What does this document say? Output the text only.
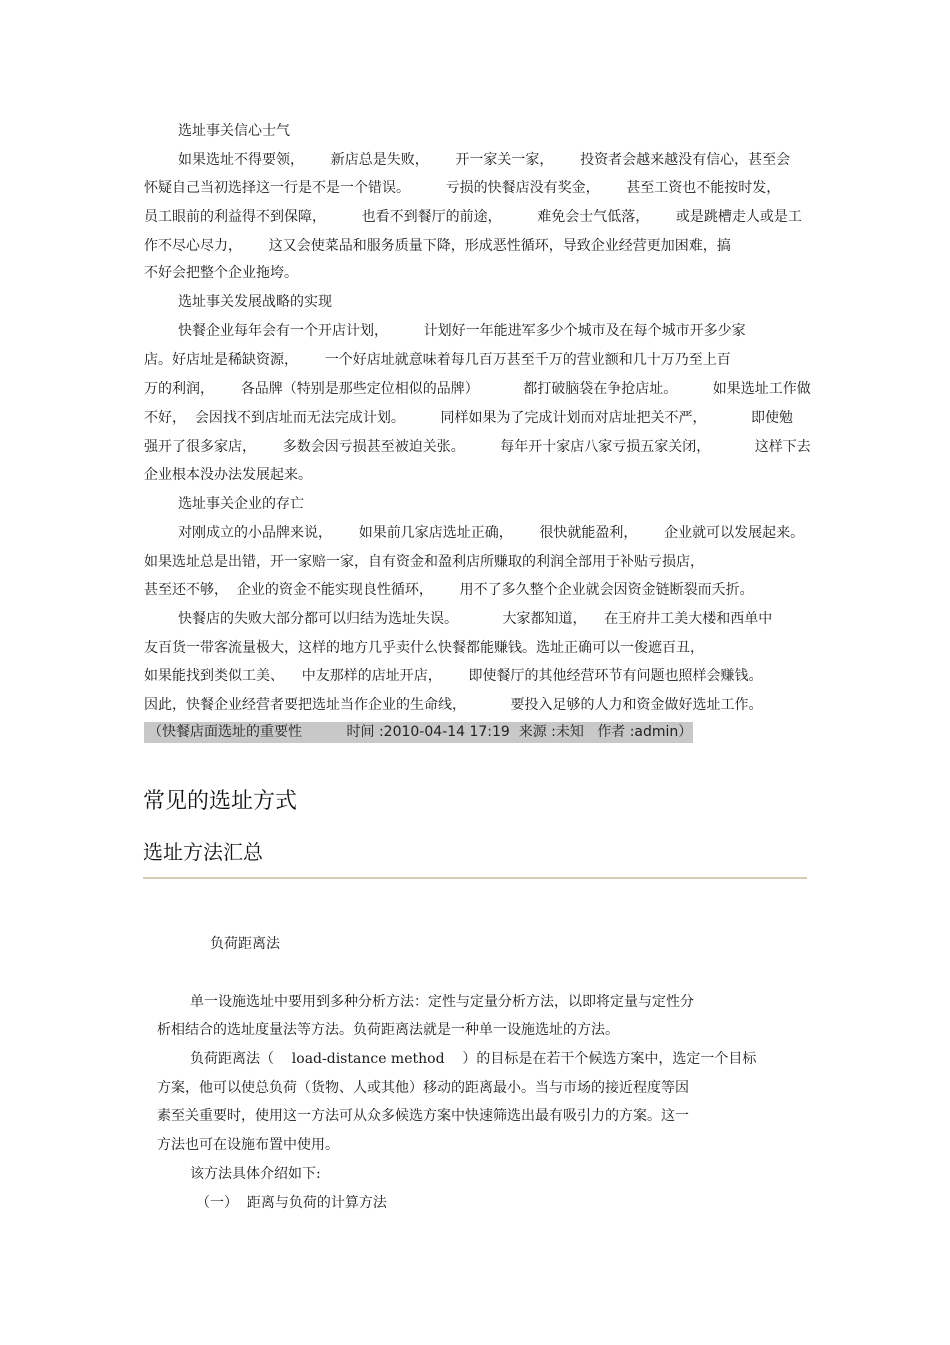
选址事关信心士气
如果选址不得要领，      新店总是失败，      开一家关一家，      投资者会越来越没有信心，甚至会
怀疑自己当初选择这一行是不是一个错误。        亏损的快餐店没有奖金，      甚至工资也不能按时发，
员工眼前的利益得不到保障，        也看不到餐厅的前途，        难免会士气低落，      或是跳槽走人或是工
作不尽心尽力，      这又会使菜品和服务质量下降，形成恶性循环，导致企业经营更加困难，搞
不好会把整个企业拖垮。
选址事关发展战略的实现
快餐企业每年会有一个开店计划，        计划好一年能进军多少个城市及在每个城市开多少家
店。好店址是稀缺资源，      一个好店址就意味着每几百万甚至千万的营业额和几十万乃至上百
万的利润，      各品牌（特别是那些定位相似的品牌）          都打破脑袋在争抢店址。        如果选址工作做
不好，  会因找不到店址而无法完成计划。        同样如果为了完成计划而对店址把关不严，          即使勉
强开了很多家店，      多数会因亏损甚至被迫关张。        每年开十家店八家亏损五家关闭，          这样下去
企业根本没办法发展起来。
选址事关企业的存亡
对刚成立的小品牌来说，      如果前几家店选址正确，      很快就能盈利，      企业就可以发展起来。
如果选址总是出错，开一家赔一家，自有资金和盈利店所赚取的利润全部用于补贴亏损店，
甚至还不够，  企业的资金不能实现良性循环，      用不了多久整个企业就会因资金链断裂而夭折。
快餐店的失败大部分都可以归结为选址失误。          大家都知道，    在王府井工美大楼和西单中
友百货一带客流量极大，这样的地方几乎卖什么快餐都能赚钱。选址正确可以一俊遮百丑，
如果能找到类似工美、    中友那样的店址开店，      即使餐厅的其他经营环节有问题也照样会赚钱。
因此，快餐企业经营者要把选址当作企业的生命线，          要投入足够的人力和资金做好选址工作。
（快餐店面选址的重要性          时间 :2010-04-14 17:19  来源 :未知   作者 :admin）
常见的选址方式
选址方法汇总
负荷距离法
单一设施选址中要用到多种分析方法：定性与定量分析方法，以即将定量与定性分
析相结合的选址度量法等方法。负荷距离法就是一种单一设施选址的方法。
负荷距离法（    load-distance method    ）的目标是在若干个候选方案中，选定一个目标
方案，他可以使总负荷（货物、人或其他）移动的距离最小。当与市场的接近程度等因
素至关重要时，使用这一方法可从众多候选方案中快速筛选出最有吸引力的方案。这一
方法也可在设施布置中使用。
该方法具体介绍如下:
（一）  距离与负荷的计算方法
